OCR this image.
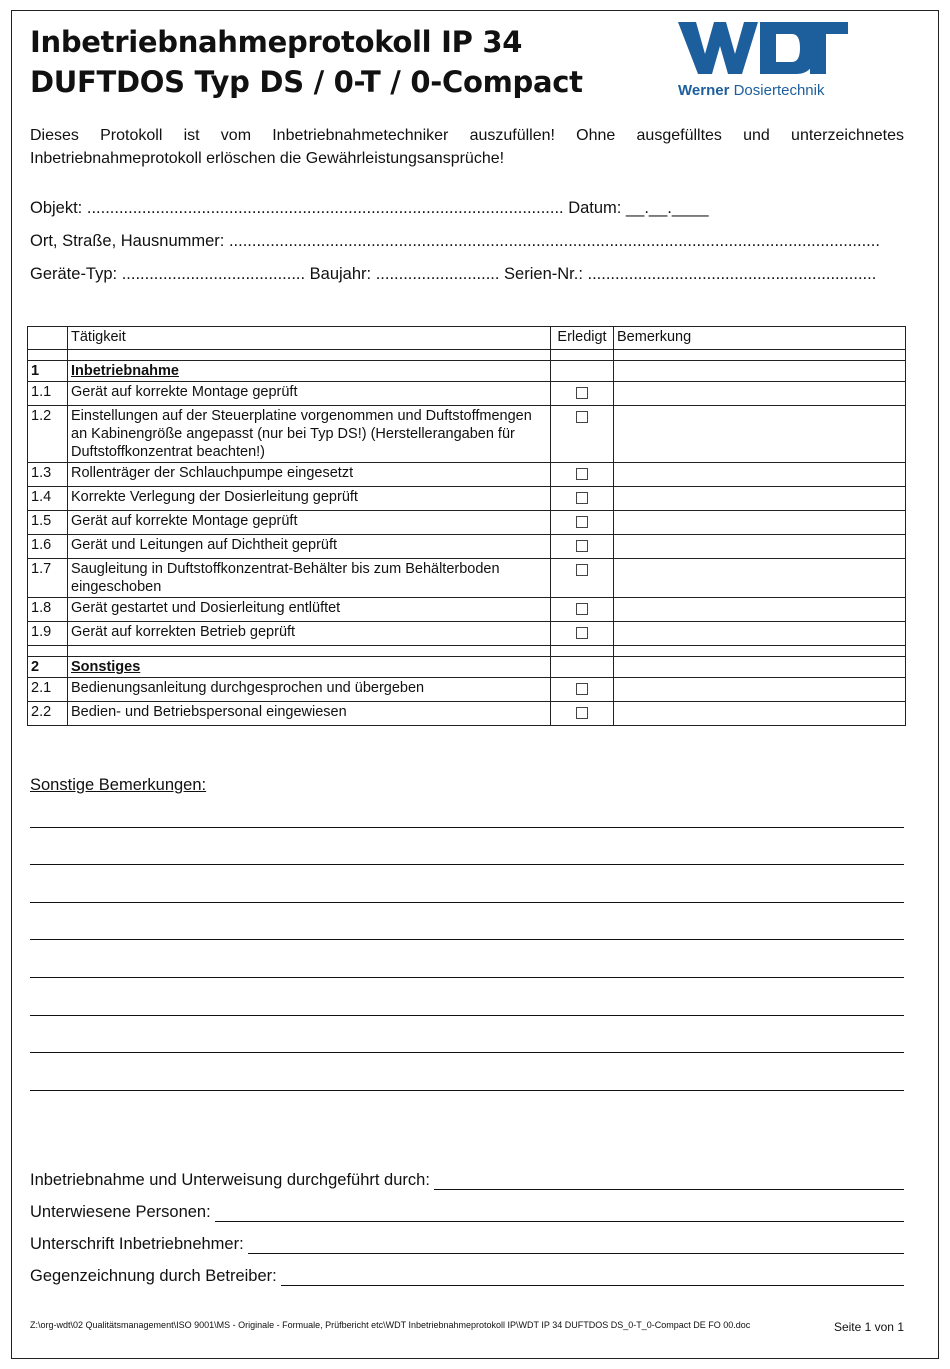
Inbetriebnahmeprotokoll IP 34
DUFTDOS Typ DS / 0-T / 0-Compact	Werner Dosiertechnik
Dieses Protokoll ist vom Inbetriebnahmetechniker auszufüllen! Ohne ausgefülltes und unterzeichnetes Inbetriebnahmeprotokoll erlöschen die Gewährleistungsansprüche!
Objekt: ........................................................................................................ Datum: __.__.____
Ort, Straße, Hausnummer: ..............................................................................................................................................
Geräte-Typ: ........................................ Baujahr: ........................... Serien-Nr.: ...............................................................
	Tätigkeit	Erledigt	Bemerkung

1	Inbetriebnahme		
1.1	Gerät auf korrekte Montage geprüft		
1.2	Einstellungen auf der Steuerplatine vorgenommen und Duftstoffmengen an Kabinengröße angepasst (nur bei Typ DS!) (Herstellerangaben für Duftstoffkonzentrat beachten!)		
1.3	Rollenträger der Schlauchpumpe eingesetzt		
1.4	Korrekte Verlegung der Dosierleitung geprüft		
1.5	Gerät auf korrekte Montage geprüft		
1.6	Gerät und Leitungen auf Dichtheit geprüft		
1.7	Saugleitung in Duftstoffkonzentrat-Behälter bis zum Behälterboden eingeschoben		
1.8	Gerät gestartet und Dosierleitung entlüftet		
1.9	Gerät auf korrekten Betrieb geprüft		

2	Sonstiges		
2.1	Bedienungsanleitung durchgesprochen und übergeben		
2.2	Bedien- und Betriebspersonal eingewiesen		
Sonstige Bemerkungen:
Inbetriebnahme und Unterweisung durchgeführt durch:
Unterwiesene Personen:
Unterschrift Inbetriebnehmer:
Gegenzeichnung durch Betreiber:
Z:\org-wdt\02 Qualitätsmanagement\ISO 9001\MS - Originale - Formuale, Prüfbericht etc\WDT Inbetriebnahmeprotokoll IP\WDT IP 34 DUFTDOS DS_0-T_0-Compact DE FO 00.doc	Seite 1 von 1
